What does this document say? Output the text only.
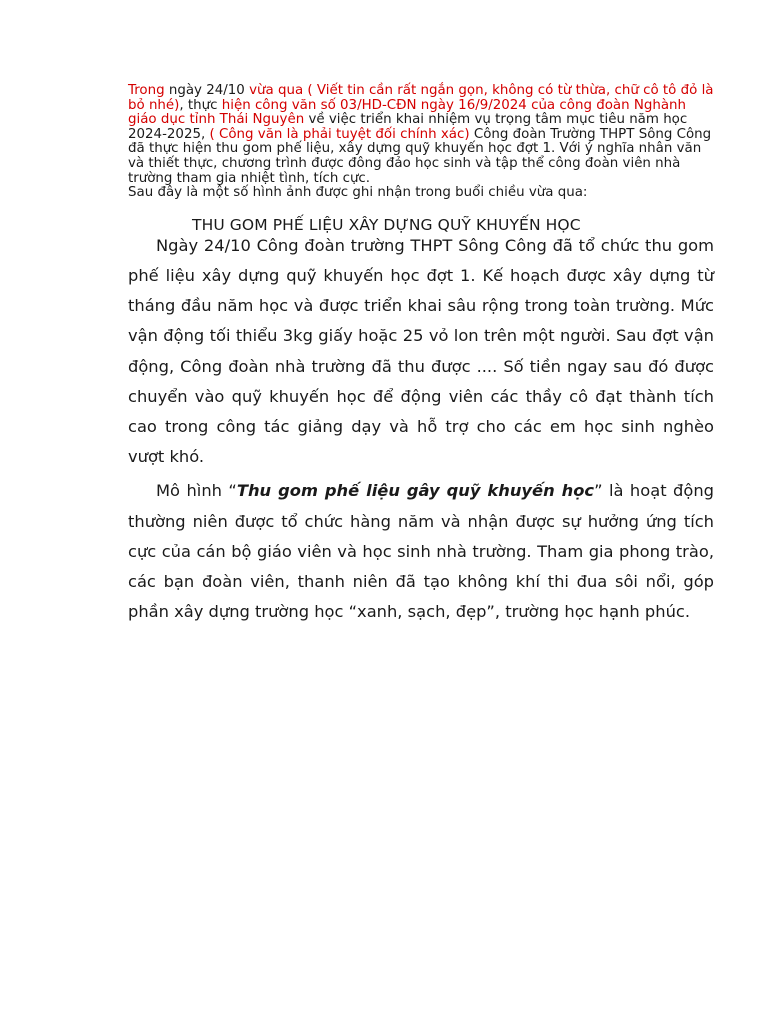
Trong ngày 24/10 vừa qua ( Viết tin cần rất ngắn gọn, không có từ thừa, chữ cô tô đỏ là bỏ nhé), thực hiện công văn số 03/HD-CĐN ngày 16/9/2024 của công đoàn Nghành giáo dục tỉnh Thái Nguyên về việc triển khai nhiệm vụ trọng tâm mục tiêu năm học 2024-2025, ( Công văn là phải tuyệt đối chính xác) Công đoàn Trường THPT Sông Công đã thực hiện thu gom phế liệu, xây dựng quỹ khuyến học đợt 1. Với ý nghĩa nhân văn và thiết thực, chương trình được đông đảo học sinh và tập thể công đoàn viên nhà trường tham gia nhiệt tình, tích cực.

Sau đây là một số hình ảnh được ghi nhận trong buổi chiều vừa qua:

THU GOM PHẾ LIỆU XÂY DỰNG QUỸ KHUYẾN HỌC

Ngày 24/10 Công đoàn trường THPT Sông Công đã tổ chức thu gom phế liệu xây dựng quỹ khuyến học đợt 1. Kế hoạch được xây dựng từ tháng đầu năm học và được triển khai sâu rộng trong toàn trường. Mức vận động tối thiểu 3kg giấy hoặc 25 vỏ lon trên một người. Sau đợt vận động, Công đoàn nhà trường đã thu được .... Số tiền ngay sau đó được chuyển vào quỹ khuyến học để động viên các thầy cô đạt thành tích cao trong công tác giảng dạy và hỗ trợ cho các em học sinh nghèo vượt khó.

Mô hình “Thu gom phế liệu gây quỹ khuyến học” là hoạt động thường niên được tổ chức hàng năm và nhận được sự hưởng ứng tích cực của cán bộ giáo viên và học sinh nhà trường. Tham gia phong trào, các bạn đoàn viên, thanh niên đã tạo không khí thi đua sôi nổi, góp phần xây dựng trường học “xanh, sạch, đẹp”, trường học hạnh phúc.
